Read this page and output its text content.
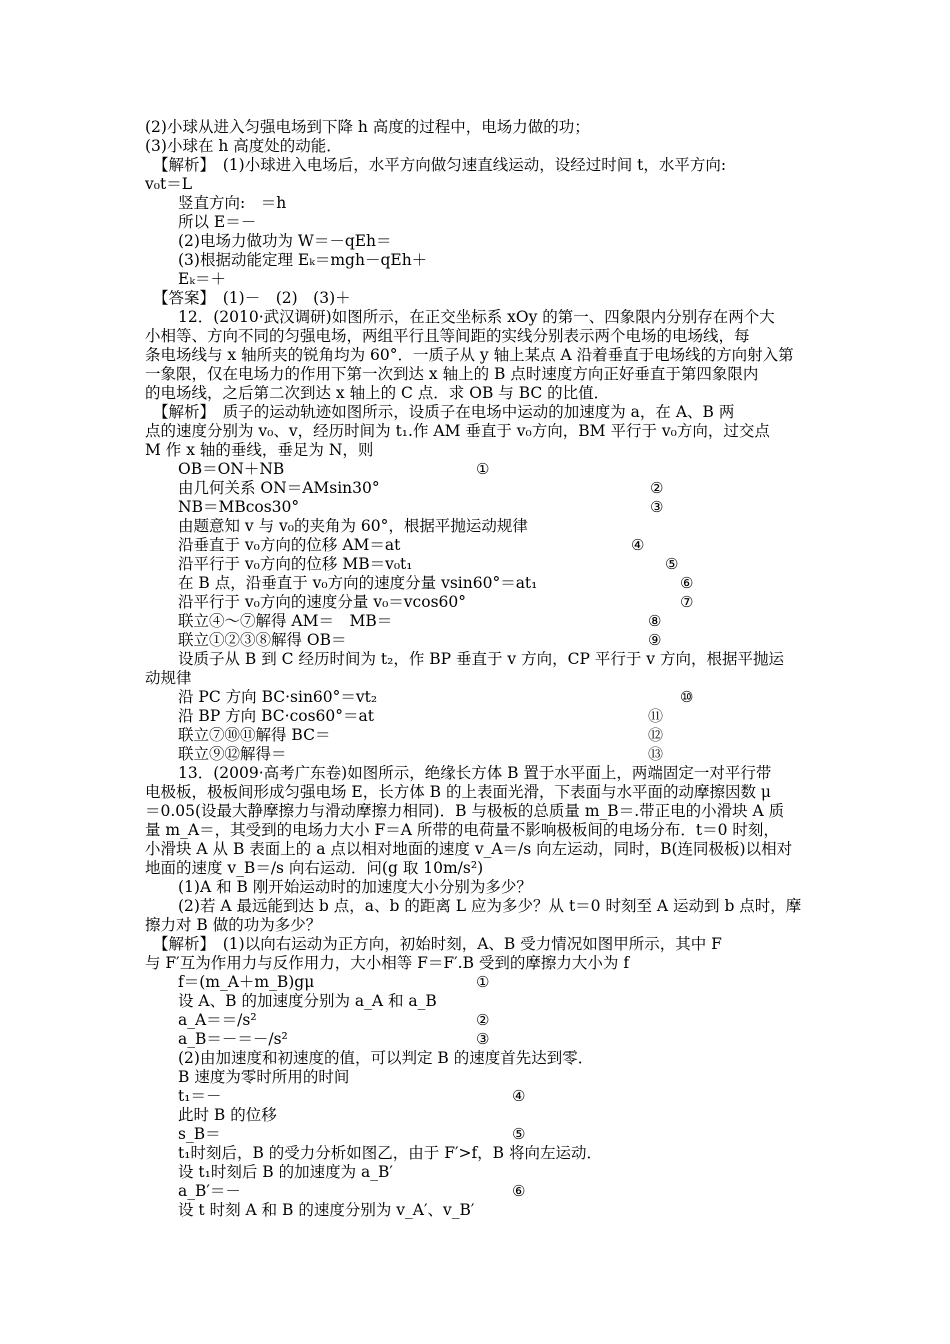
(2)小球从进入匀强电场到下降 h 高度的过程中，电场力做的功；
(3)小球在 h 高度处的动能．
【解析】　(1)小球进入电场后，水平方向做匀速直线运动，设经过时间 t，水平方向:
v₀t＝L
竖直方向:　＝h
所以 E＝－
(2)电场力做功为 W＝－qEh＝
(3)根据动能定理 Eₖ＝mgh－qEh＋
Eₖ＝＋
【答案】　(1)－　(2)　(3)＋
12．(2010·武汉调研)如图所示，在正交坐标系 xOy 的第一、四象限内分别存在两个大
小相等、方向不同的匀强电场，两组平行且等间距的实线分别表示两个电场的电场线，每
条电场线与 x 轴所夹的锐角均为 60°．一质子从 y 轴上某点 A 沿着垂直于电场线的方向射入第
一象限，仅在电场力的作用下第一次到达 x 轴上的 B 点时速度方向正好垂直于第四象限内
的电场线，之后第二次到达 x 轴上的 C 点．求 OB 与 BC 的比值．
【解析】　质子的运动轨迹如图所示，设质子在电场中运动的加速度为 a，在 A、B 两
点的速度分别为 v₀、v，经历时间为 t₁.作 AM 垂直于 v₀方向，BM 平行于 v₀方向，过交点
M 作 x 轴的垂线，垂足为 N，则
OB＝ON＋NB
由几何关系 ON＝AMsin30°
NB＝MBcos30°
由题意知 v 与 v₀的夹角为 60°，根据平抛运动规律
沿垂直于 v₀方向的位移 AM＝at
沿平行于 v₀方向的位移 MB＝v₀t₁
在 B 点，沿垂直于 v₀方向的速度分量 vsin60°＝at₁
沿平行于 v₀方向的速度分量 v₀＝vcos60°
联立④～⑦解得 AM＝　MB＝
联立①②③⑧解得 OB＝
设质子从 B 到 C 经历时间为 t₂，作 BP 垂直于 v 方向，CP 平行于 v 方向，根据平抛运
动规律
沿 PC 方向 BC·sin60°＝vt₂
沿 BP 方向 BC·cos60°＝at
联立⑦⑩⑪解得 BC＝
联立⑨⑫解得＝
13．(2009·高考广东卷)如图所示，绝缘长方体 B 置于水平面上，两端固定一对平行带
电极板，极板间形成匀强电场 E，长方体 B 的上表面光滑，下表面与水平面的动摩擦因数 μ
＝0.05(设最大静摩擦力与滑动摩擦力相同)．B 与极板的总质量 m_B＝.带正电的小滑块 A 质
量 m_A＝，其受到的电场力大小 F＝A 所带的电荷量不影响极板间的电场分布．t＝0 时刻，
小滑块 A 从 B 表面上的 a 点以相对地面的速度 v_A＝/s 向左运动，同时，B(连同极板)以相对
地面的速度 v_B＝/s 向右运动．问(g 取 10m/s²)
(1)A 和 B 刚开始运动时的加速度大小分别为多少？
(2)若 A 最远能到达 b 点，a、b 的距离 L 应为多少？从 t＝0 时刻至 A 运动到 b 点时，摩
擦力对 B 做的功为多少？
【解析】　(1)以向右运动为正方向，初始时刻，A、B 受力情况如图甲所示，其中 F
与 F′互为作用力与反作用力，大小相等 F＝F′.B 受到的摩擦力大小为 f
f＝(m_A＋m_B)gμ
设 A、B 的加速度分别为 a_A 和 a_B
a_A＝＝/s²
a_B＝－＝－/s²
(2)由加速度和初速度的值，可以判定 B 的速度首先达到零．
B 速度为零时所用的时间
t₁＝－
此时 B 的位移
s_B＝
t₁时刻后，B 的受力分析如图乙，由于 F′>f，B 将向左运动．
设 t₁时刻后 B 的加速度为 a_B′
a_B′＝－
设 t 时刻 A 和 B 的速度分别为 v_A′、v_B′
①
②
③
④
⑤
⑥
⑦
⑧
⑨
⑩
⑪
⑫
⑬
①
②
③
④
⑤
⑥
